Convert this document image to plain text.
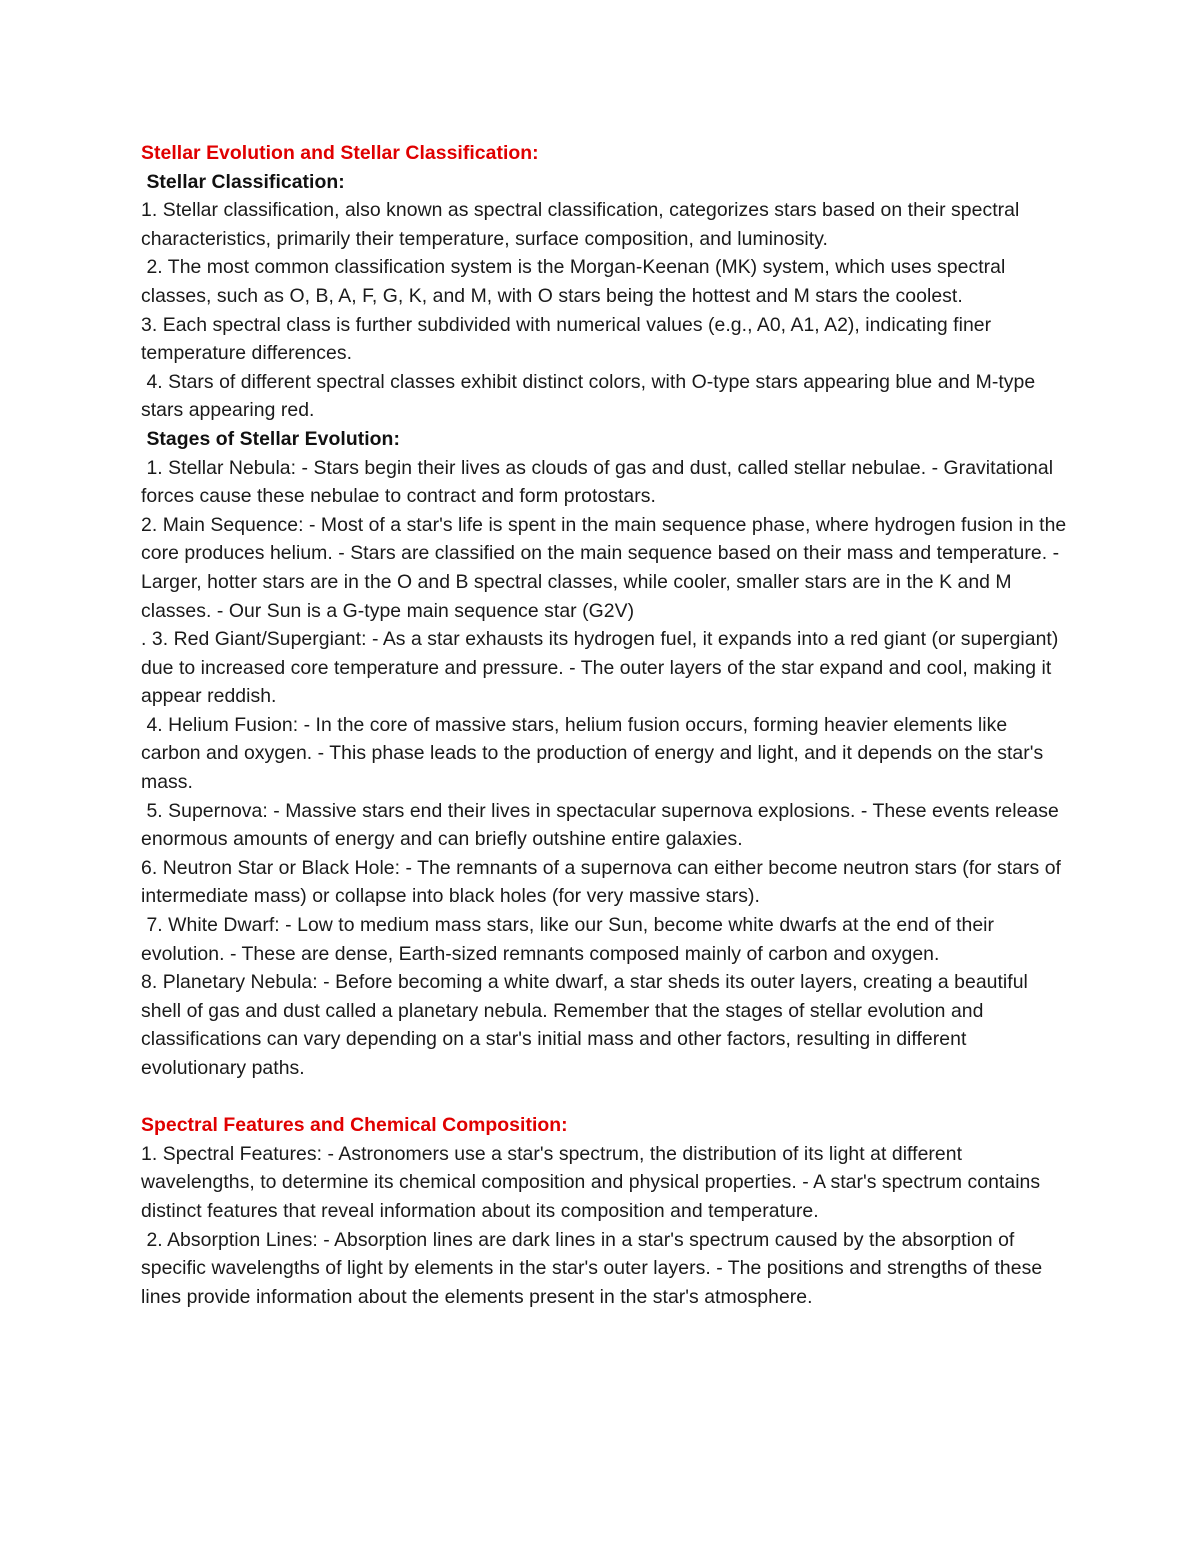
Stellar Evolution and Stellar Classification:
Stellar Classification:
1. Stellar classification, also known as spectral classification, categorizes stars based on their spectral characteristics, primarily their temperature, surface composition, and luminosity.
2. The most common classification system is the Morgan-Keenan (MK) system, which uses spectral classes, such as O, B, A, F, G, K, and M, with O stars being the hottest and M stars the coolest.
3. Each spectral class is further subdivided with numerical values (e.g., A0, A1, A2), indicating finer temperature differences.
4. Stars of different spectral classes exhibit distinct colors, with O-type stars appearing blue and M-type stars appearing red.
Stages of Stellar Evolution:
1. Stellar Nebula: - Stars begin their lives as clouds of gas and dust, called stellar nebulae. - Gravitational forces cause these nebulae to contract and form protostars.
2. Main Sequence: - Most of a star's life is spent in the main sequence phase, where hydrogen fusion in the core produces helium. - Stars are classified on the main sequence based on their mass and temperature. - Larger, hotter stars are in the O and B spectral classes, while cooler, smaller stars are in the K and M classes. - Our Sun is a G-type main sequence star (G2V)
. 3. Red Giant/Supergiant: - As a star exhausts its hydrogen fuel, it expands into a red giant (or supergiant) due to increased core temperature and pressure. - The outer layers of the star expand and cool, making it appear reddish.
4. Helium Fusion: - In the core of massive stars, helium fusion occurs, forming heavier elements like carbon and oxygen. - This phase leads to the production of energy and light, and it depends on the star's mass.
5. Supernova: - Massive stars end their lives in spectacular supernova explosions. - These events release enormous amounts of energy and can briefly outshine entire galaxies.
6. Neutron Star or Black Hole: - The remnants of a supernova can either become neutron stars (for stars of intermediate mass) or collapse into black holes (for very massive stars).
7. White Dwarf: - Low to medium mass stars, like our Sun, become white dwarfs at the end of their evolution. - These are dense, Earth-sized remnants composed mainly of carbon and oxygen.
8. Planetary Nebula: - Before becoming a white dwarf, a star sheds its outer layers, creating a beautiful shell of gas and dust called a planetary nebula. Remember that the stages of stellar evolution and classifications can vary depending on a star's initial mass and other factors, resulting in different evolutionary paths.
Spectral Features and Chemical Composition:
1. Spectral Features: - Astronomers use a star's spectrum, the distribution of its light at different wavelengths, to determine its chemical composition and physical properties. - A star's spectrum contains distinct features that reveal information about its composition and temperature.
2. Absorption Lines: - Absorption lines are dark lines in a star's spectrum caused by the absorption of specific wavelengths of light by elements in the star's outer layers. - The positions and strengths of these lines provide information about the elements present in the star's atmosphere.
